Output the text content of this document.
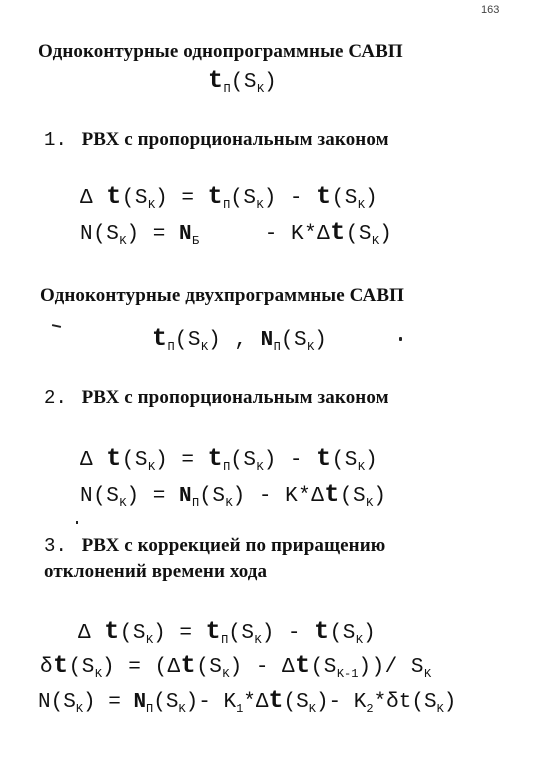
163
Одноконтурные однопрограммные САВП
$t_П(S_K)$
1. РВХ с пропорциональным законом
Δ $t(S_K) = t_П(S_K) - t(S_K)$
$N(S_K) = N_Б$     - $K*\Delta t(S_K)$
Одноконтурные двухпрограммные САВП
$t_П(S_K)$ , $N_П(S_K)$
2. РВХ с пропорциональным законом
Δ $t(S_K) = t_П(S_K) - t(S_K)$
$N(S_K) = N_П(S_K) - K*\Delta t(S_K)$
3. РВХ с коррекцией по приращению
отклонений времени хода
Δ $t(S_K) = t_П(S_K) - t(S_K)$
$\delta t(S_K) = (\Delta t(S_K) - \Delta t(S_{K-1}))/$ $S_K$
$N(S_K) = N_П(S_K)-$ $K_1*\Delta t(S_K)-$ $K_2*\delta t(S_K)$
